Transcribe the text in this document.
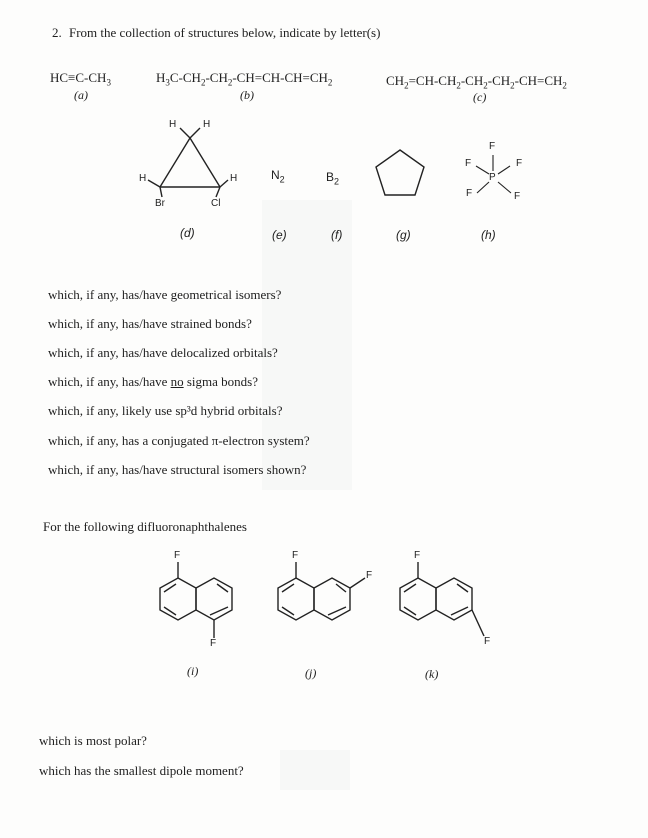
2. From the collection of structures below, indicate by letter(s)
$HC\equiv C-CH_3$
(a)
$H_3C-CH_2-CH_2-CH=CH-CH=CH_2$
(b)
$CH_2=CH-CH_2-CH_2-CH_2-CH=CH_2$
(c)
H	H
H	H
Br	Cl
$N_2$	$B_2$
F
F	F
P
F	F
(d)	(e)	(f)	(g)	(h)
which, if any, has/have geometrical isomers?
which, if any, has/have strained bonds?
which, if any, has/have delocalized orbitals?
which, if any, has/have no sigma bonds?
which, if any, likely use sp³d hybrid orbitals?
which, if any, has a conjugated π-electron system?
which, if any, has/have structural isomers shown?
For the following difluoronaphthalenes
F
F
F
F
F
F
(i)	(j)	(k)
which is most polar?
which has the smallest dipole moment?
